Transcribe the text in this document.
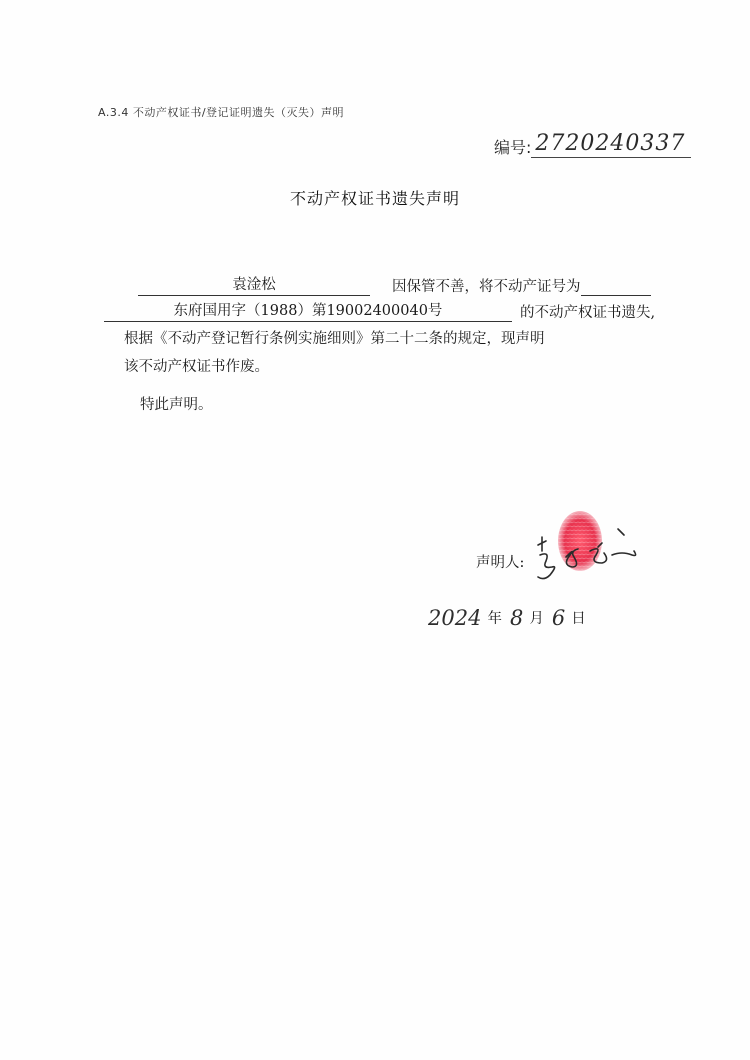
A.3.4 不动产权证书/登记证明遗失（灭失）声明
编号: 2720240337
不动产权证书遗失声明
袁淦松	因保管不善，将不动产证号为
东府国用字（1988）第19002400040号	的不动产权证书遗失,
根据《不动产登记暂行条例实施细则》第二十二条的规定，现声明
该不动产权证书作废。
特此声明。
声明人:
2024 年 8 月 6 日
